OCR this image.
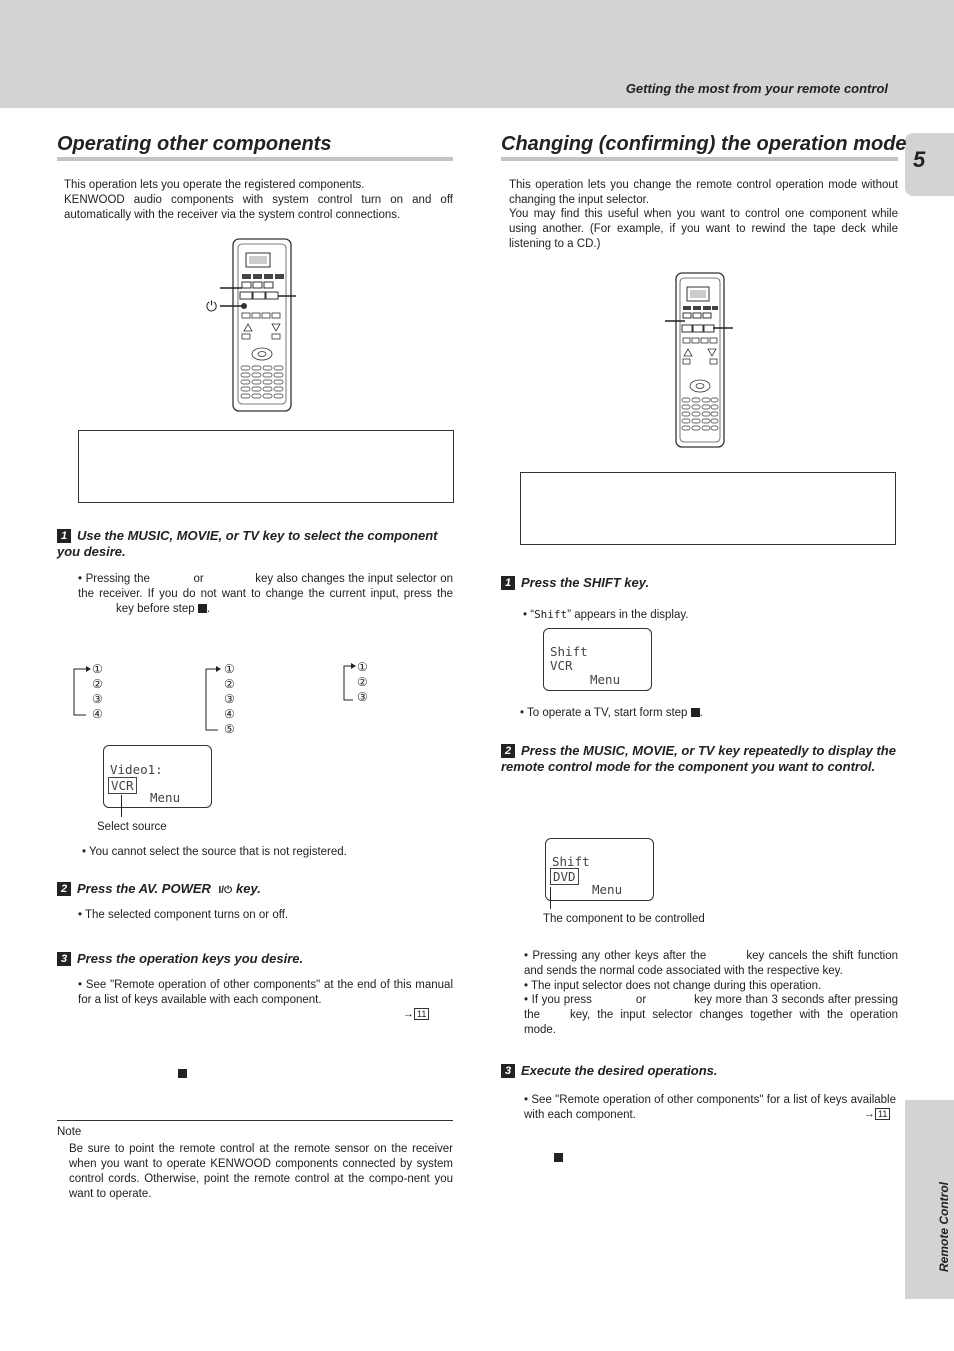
Getting the most from your remote control
5
Remote Control
Operating other components

This operation lets you operate the registered components.

KENWOOD audio components with system control turn on and off automatically with the receiver via the system control connections.

⏻
1 Use the MUSIC, MOVIE, or TV key to select the component you desire.
• Pressing the	or	key also changes the input selector on the receiver. If you do not want to change the current input, press the key before step .
①
②
③
④
①
②
③
④
⑤
①
②
③
Video1:
VCR
Menu
Select source
• You cannot select the source that is not registered.
2 Press the AV. POWER I/⏻ key.
• The selected component turns on or off.
3 Press the operation keys you desire.
• See "Remote operation of other components" at the end of this manual for a list of keys available with each component.
→ 11
Note

Be sure to point the remote control at the remote sensor on the receiver when you want to operate KENWOOD components connected by system control cords. Otherwise, point the remote control at the compo-nent you want to operate.

Changing (confirming) the operation mode

This operation lets you change the remote control operation mode without changing the input selector.

You may find this useful when you want to control one component while using another. (For example, if you want to rewind the tape deck while listening to a CD.)

1 Press the SHIFT key.
• “Shift” appears in the display.
Shift
VCR
Menu
• To operate a TV, start form step .
2 Press the MUSIC, MOVIE, or TV key repeatedly to display the remote control mode for the component you want to control.
Shift
DVD
Menu
The component to be controlled
• Pressing any other keys after the	key cancels the shift function and sends the normal code associated with the respective key.
• The input selector does not change during this operation.
• If you press	or	key more than 3 seconds after pressing the	key, the input selector changes together with the operation mode.
3 Execute the desired operations.
• See "Remote operation of other components" for a list of keys available with each component.	→ 11
